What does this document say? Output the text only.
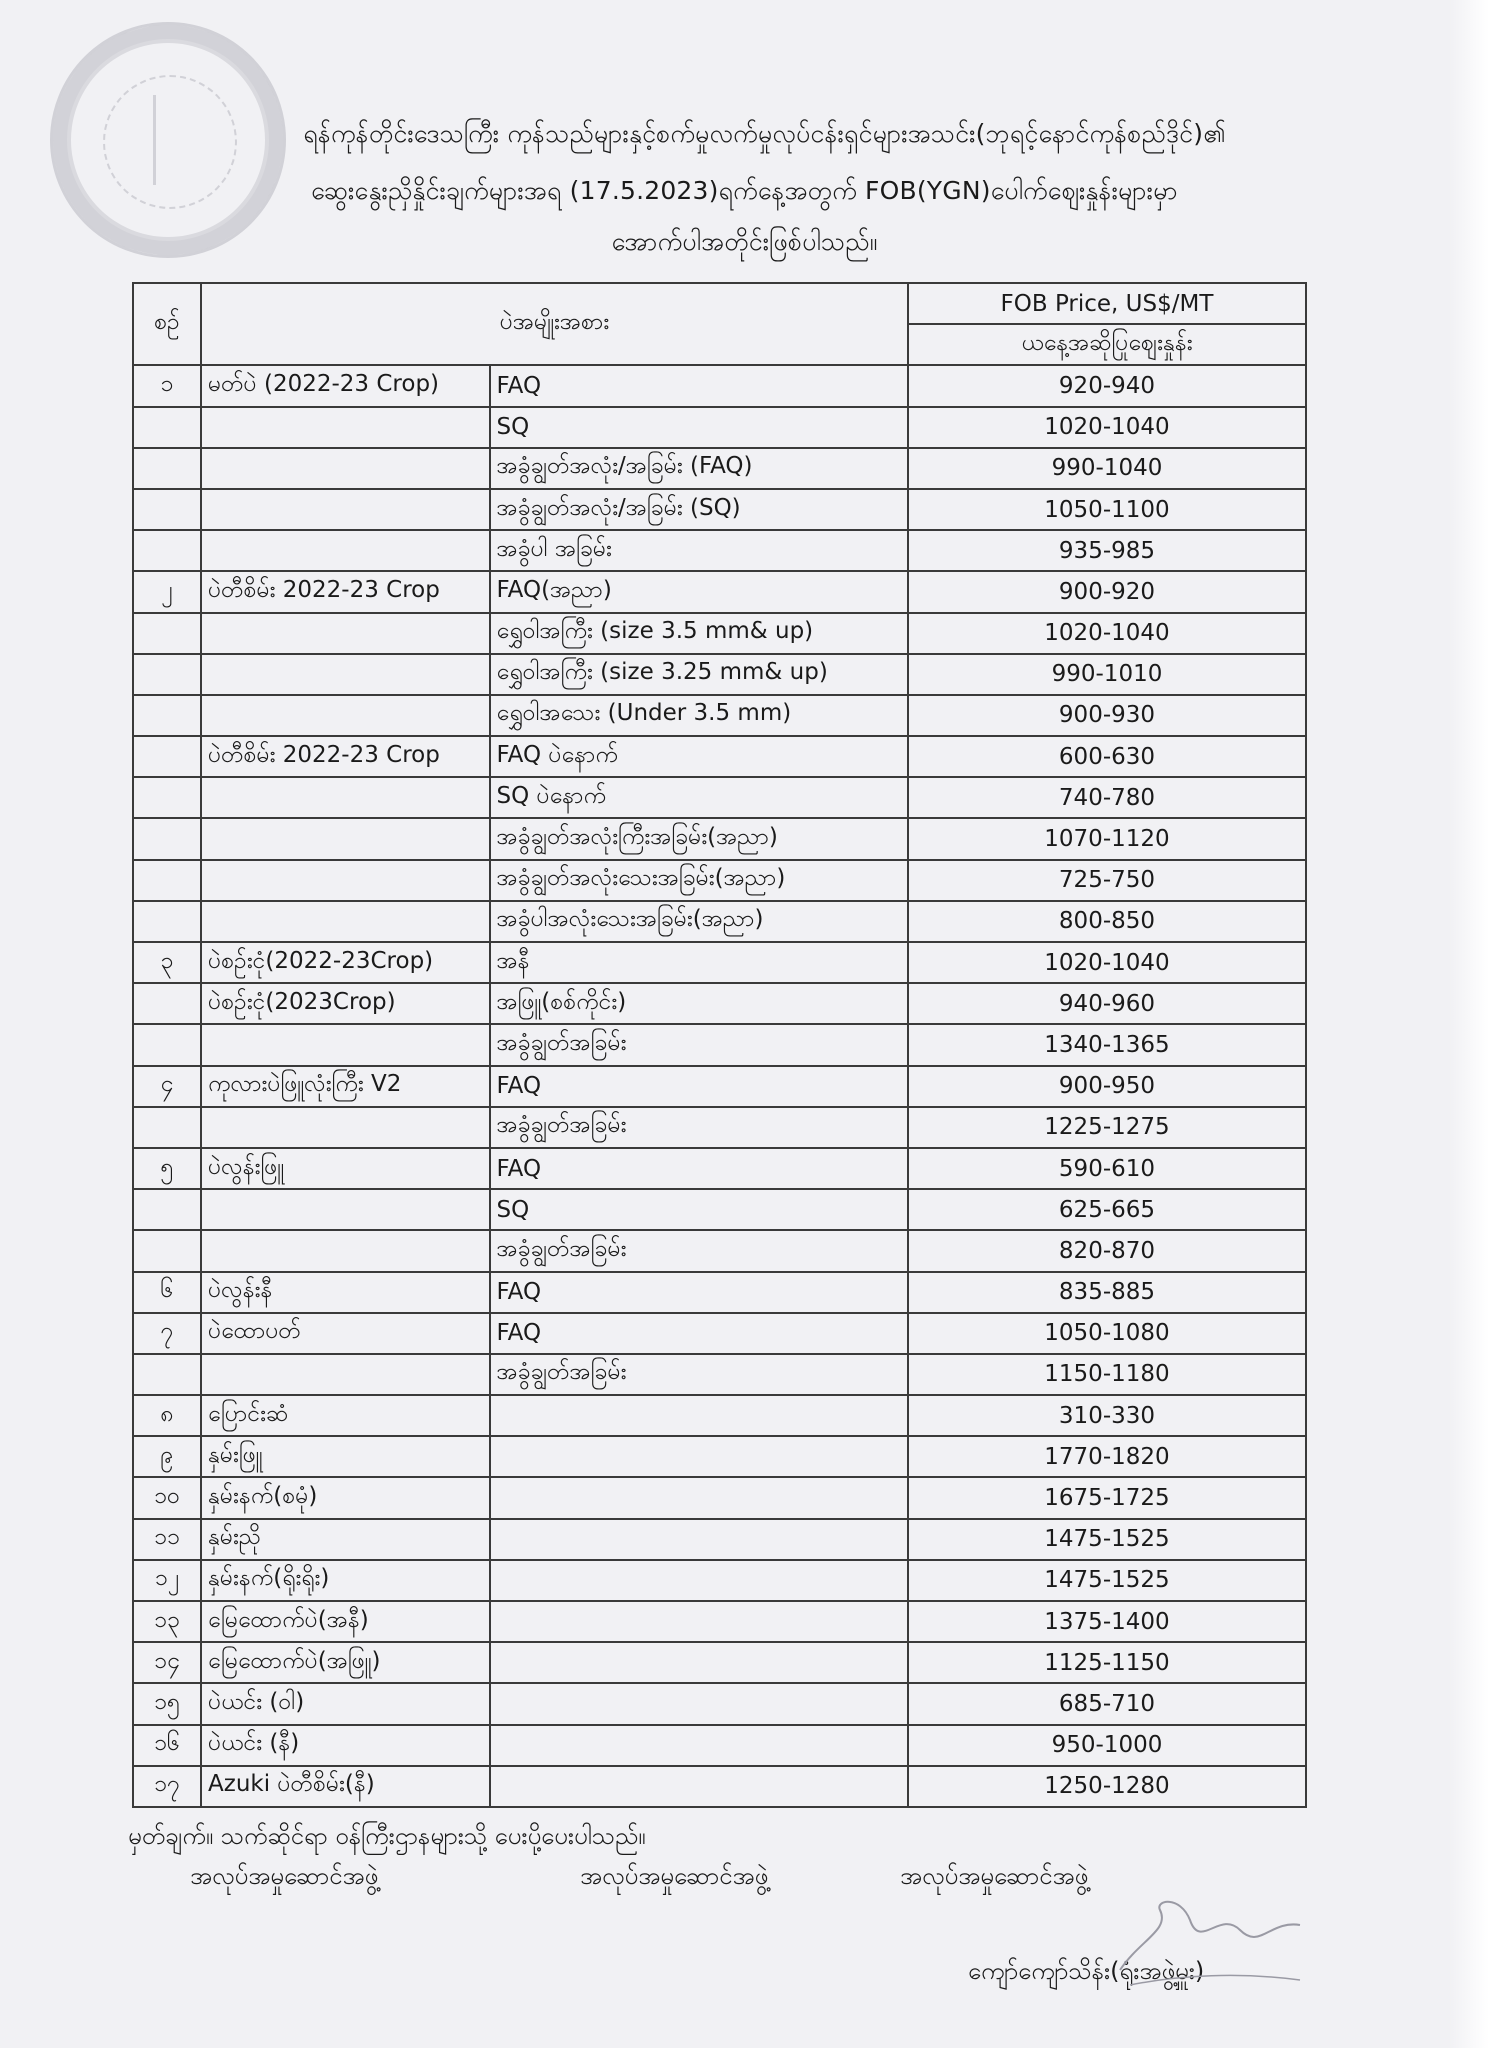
ရန်ကုန်တိုင်းဒေသကြီး ကုန်သည်များနှင့်စက်မှုလက်မှုလုပ်ငန်းရှင်များအသင်း(ဘုရင့်နောင်ကုန်စည်ဒိုင်)၏
ဆွေးနွေးညှိနှိုင်းချက်များအရ (17.5.2023)ရက်နေ့အတွက် FOB(YGN)ပေါက်ဈေးနှုန်းများမှာ
အောက်ပါအတိုင်းဖြစ်ပါသည်။
စဉ်	ပဲအမျိုးအစား		FOB Price, US$/MT
			ယနေ့အဆိုပြုဈေးနှုန်း
၁	မတ်ပဲ (2022-23 Crop)	FAQ	920-940
		SQ	1020-1040
		အခွံချွတ်အလုံး/အခြမ်း (FAQ)	990-1040
		အခွံချွတ်အလုံး/အခြမ်း (SQ)	1050-1100
		အခွံပါ အခြမ်း	935-985
၂	ပဲတီစိမ်း 2022-23 Crop	FAQ(အညာ)	900-920
		ရွှေဝါအကြီး (size 3.5 mm& up)	1020-1040
		ရွှေဝါအကြီး (size 3.25 mm& up)	990-1010
		ရွှေဝါအသေး (Under 3.5 mm)	900-930
	ပဲတီစိမ်း 2022-23 Crop	FAQ ပဲနောက်	600-630
		SQ ပဲနောက်	740-780
		အခွံချွတ်အလုံးကြီးအခြမ်း(အညာ)	1070-1120
		အခွံချွတ်အလုံးသေးအခြမ်း(အညာ)	725-750
		အခွံပါအလုံးသေးအခြမ်း(အညာ)	800-850
၃	ပဲစဉ်းငုံ(2022-23Crop)	အနီ	1020-1040
	ပဲစဉ်းငုံ(2023Crop)	အဖြူ(စစ်ကိုင်း)	940-960
		အခွံချွတ်အခြမ်း	1340-1365
၄	ကုလားပဲဖြူလုံးကြီး V2	FAQ	900-950
		အခွံချွတ်အခြမ်း	1225-1275
၅	ပဲလွန်းဖြူ	FAQ	590-610
		SQ	625-665
		အခွံချွတ်အခြမ်း	820-870
၆	ပဲလွန်းနီ	FAQ	835-885
၇	ပဲထောပတ်	FAQ	1050-1080
		အခွံချွတ်အခြမ်း	1150-1180
၈	ပြောင်းဆံ		310-330
၉	နှမ်းဖြူ		1770-1820
၁၀	နှမ်းနက်(စမုံ)		1675-1725
၁၁	နှမ်းညို		1475-1525
၁၂	နှမ်းနက်(ရိုးရိုး)		1475-1525
၁၃	မြေထောက်ပဲ(အနီ)		1375-1400
၁၄	မြေထောက်ပဲ(အဖြူ)		1125-1150
၁၅	ပဲယင်း (ဝါ)		685-710
၁၆	ပဲယင်း (နီ)		950-1000
၁၇	Azuki ပဲတီစိမ်း(နီ)		1250-1280
မှတ်ချက်။ သက်ဆိုင်ရာ ဝန်ကြီးဌာနများသို့ ပေးပို့ပေးပါသည်။
အလုပ်အမှုဆောင်အဖွဲ့	အလုပ်အမှုဆောင်အဖွဲ့	အလုပ်အမှုဆောင်အဖွဲ့
ကျော်ကျော်သိန်း(ရုံးအဖွဲ့မှူး)
